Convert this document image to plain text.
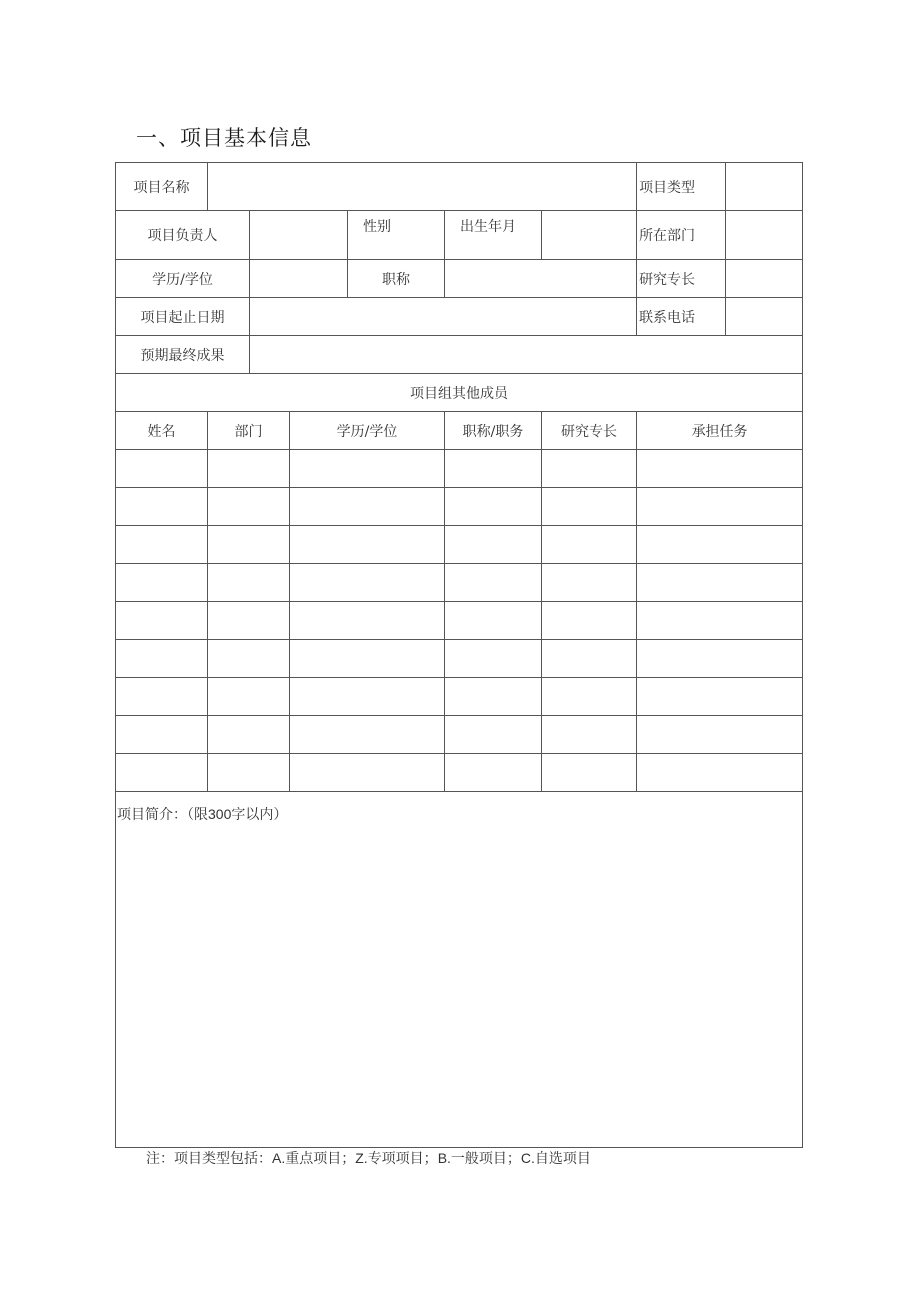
一、项目基本信息
项目名称							项目类型	
项目负责人				性别	出生年月		所在部门	
学历/学位				职称			研究专长	
项目起止日期							联系电话	
预期最终成果								
项目组其他成员								
姓名	部门		学历/学位		职称/职务	研究专长	承担任务	

项目简介：（限300字以内）								

注：项目类型包括：A.重点项目；Z.专项项目；B.一般项目；C.自选项目
